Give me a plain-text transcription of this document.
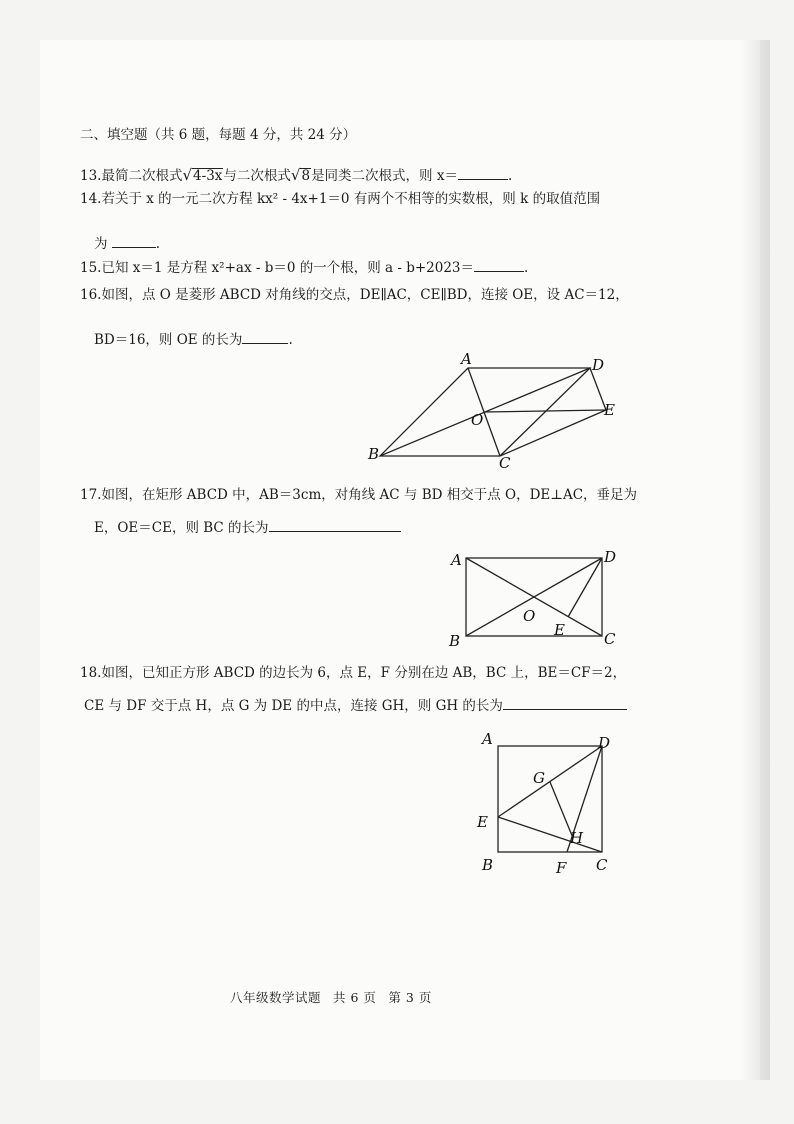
二、填空题（共 6 题，每题 4 分，共 24 分）
13.最简二次根式√4-3x与二次根式√8是同类二次根式，则 x＝	.
14.若关于 x 的一元二次方程 kx² - 4x+1＝0 有两个不相等的实数根，则 k 的取值范围
为	.
15.已知 x＝1 是方程 x²+ax - b＝0 的一个根，则 a - b+2023＝	.
16.如图，点 O 是菱形 ABCD 对角线的交点，DE∥AC，CE∥BD，连接 OE，设 AC＝12，
BD＝16，则 OE 的长为	.
A
B	C
D
E
O
17.如图，在矩形 ABCD 中，AB＝3cm，对角线 AC 与 BD 相交于点 O，DE⊥AC，垂足为
E，OE＝CE，则 BC 的长为
A
B	C
D
E
O
18.如图，已知正方形 ABCD 的边长为 6，点 E，F 分别在边 AB，BC 上，BE＝CF＝2，
CE 与 DF 交于点 H，点 G 为 DE 的中点，连接 GH，则 GH 的长为
A
B	C
D
E
F
G
H
八年级数学试题 共 6 页 第 3 页
